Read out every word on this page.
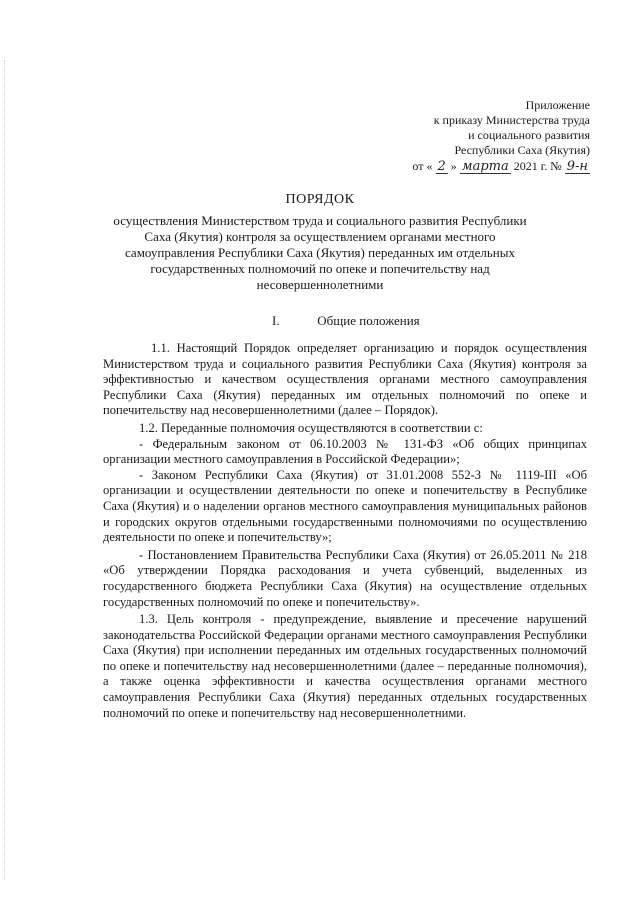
Приложение
к приказу Министерства труда
и социального развития
Республики Саха (Якутия)
от « 2 » марта 2021 г. № 9-н
ПОРЯДОК
осуществления Министерством труда и социального развития Республики Саха (Якутия) контроля за осуществлением органами местного самоуправления Республики Саха (Якутия) переданных им отдельных государственных полномочий по опеке и попечительству над несовершеннолетними
I.	Общие положения

1.1. Настоящий Порядок определяет организацию и порядок осуществления Министерством труда и социального развития Республики Саха (Якутия) контроля за эффективностью и качеством осуществления органами местного самоуправления Республики Саха (Якутия) переданных им отдельных полномочий по опеке и попечительству над несовершеннолетними (далее – Порядок).

1.2. Переданные полномочия осуществляются в соответствии с:

- Федеральным законом от 06.10.2003 № 131-ФЗ «Об общих принципах организации местного самоуправления в Российской Федерации»;

- Законом Республики Саха (Якутия) от 31.01.2008 552-З № 1119-III «Об организации и осуществлении деятельности по опеке и попечительству в Республике Саха (Якутия) и о наделении органов местного самоуправления муниципальных районов и городских округов отдельными государственными полномочиями по осуществлению деятельности по опеке и попечительству»;

- Постановлением Правительства Республики Саха (Якутия) от 26.05.2011 № 218 «Об утверждении Порядка расходования и учета субвенций, выделенных из государственного бюджета Республики Саха (Якутия) на осуществление отдельных государственных полномочий по опеке и попечительству».

1.3. Цель контроля - предупреждение, выявление и пресечение нарушений законодательства Российской Федерации органами местного самоуправления Республики Саха (Якутия) при исполнении переданных им отдельных государственных полномочий по опеке и попечительству над несовершеннолетними (далее – переданные полномочия), а также оценка эффективности и качества осуществления органами местного самоуправления Республики Саха (Якутия) переданных отдельных государственных полномочий по опеке и попечительству над несовершеннолетними.
